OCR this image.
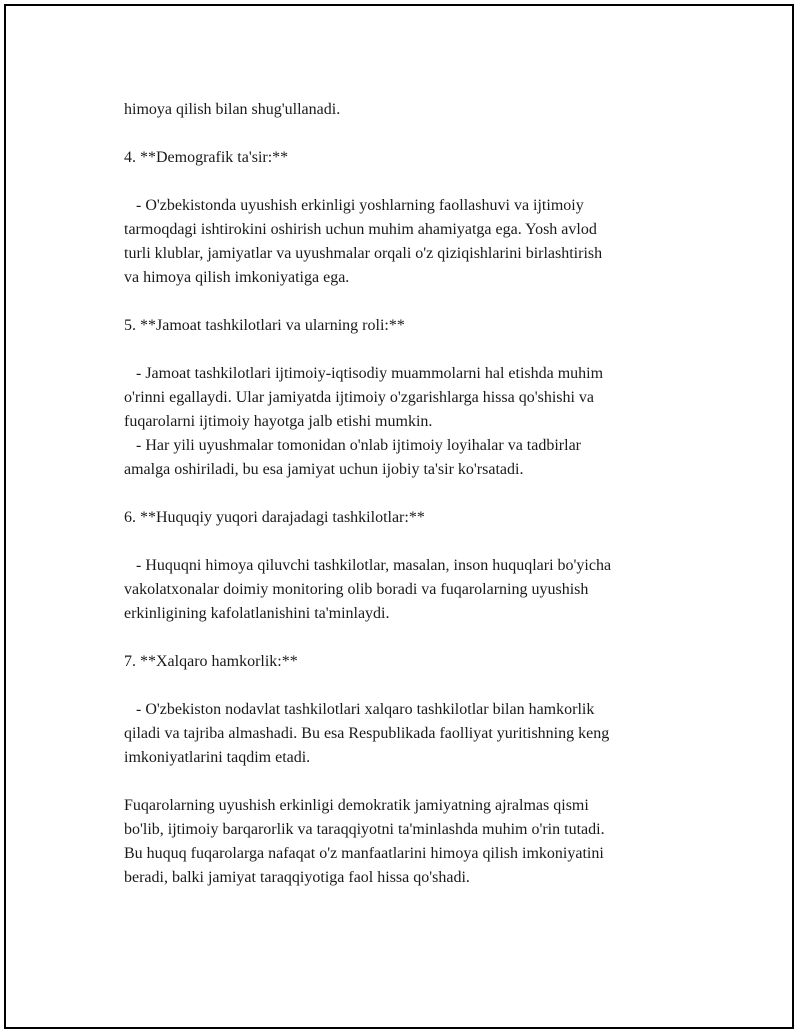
himoya qilish bilan shug'ullanadi.

4. **Demografik ta'sir:**

- O'zbekistonda uyushish erkinligi yoshlarning faollashuvi va ijtimoiy

tarmoqdagi ishtirokini oshirish uchun muhim ahamiyatga ega. Yosh avlod

turli klublar, jamiyatlar va uyushmalar orqali o'z qiziqishlarini birlashtirish

va himoya qilish imkoniyatiga ega.

5. **Jamoat tashkilotlari va ularning roli:**

- Jamoat tashkilotlari ijtimoiy-iqtisodiy muammolarni hal etishda muhim

o'rinni egallaydi. Ular jamiyatda ijtimoiy o'zgarishlarga hissa qo'shishi va

fuqarolarni ijtimoiy hayotga jalb etishi mumkin.

- Har yili uyushmalar tomonidan o'nlab ijtimoiy loyihalar va tadbirlar

amalga oshiriladi, bu esa jamiyat uchun ijobiy ta'sir ko'rsatadi.

6. **Huquqiy yuqori darajadagi tashkilotlar:**

- Huquqni himoya qiluvchi tashkilotlar, masalan, inson huquqlari bo'yicha

vakolatxonalar doimiy monitoring olib boradi va fuqarolarning uyushish

erkinligining kafolatlanishini ta'minlaydi.

7. **Xalqaro hamkorlik:**

- O'zbekiston nodavlat tashkilotlari xalqaro tashkilotlar bilan hamkorlik

qiladi va tajriba almashadi. Bu esa Respublikada faolliyat yuritishning keng

imkoniyatlarini taqdim etadi.

Fuqarolarning uyushish erkinligi demokratik jamiyatning ajralmas qismi

bo'lib, ijtimoiy barqarorlik va taraqqiyotni ta'minlashda muhim o'rin tutadi.

Bu huquq fuqarolarga nafaqat o'z manfaatlarini himoya qilish imkoniyatini

beradi, balki jamiyat taraqqiyotiga faol hissa qo'shadi.
